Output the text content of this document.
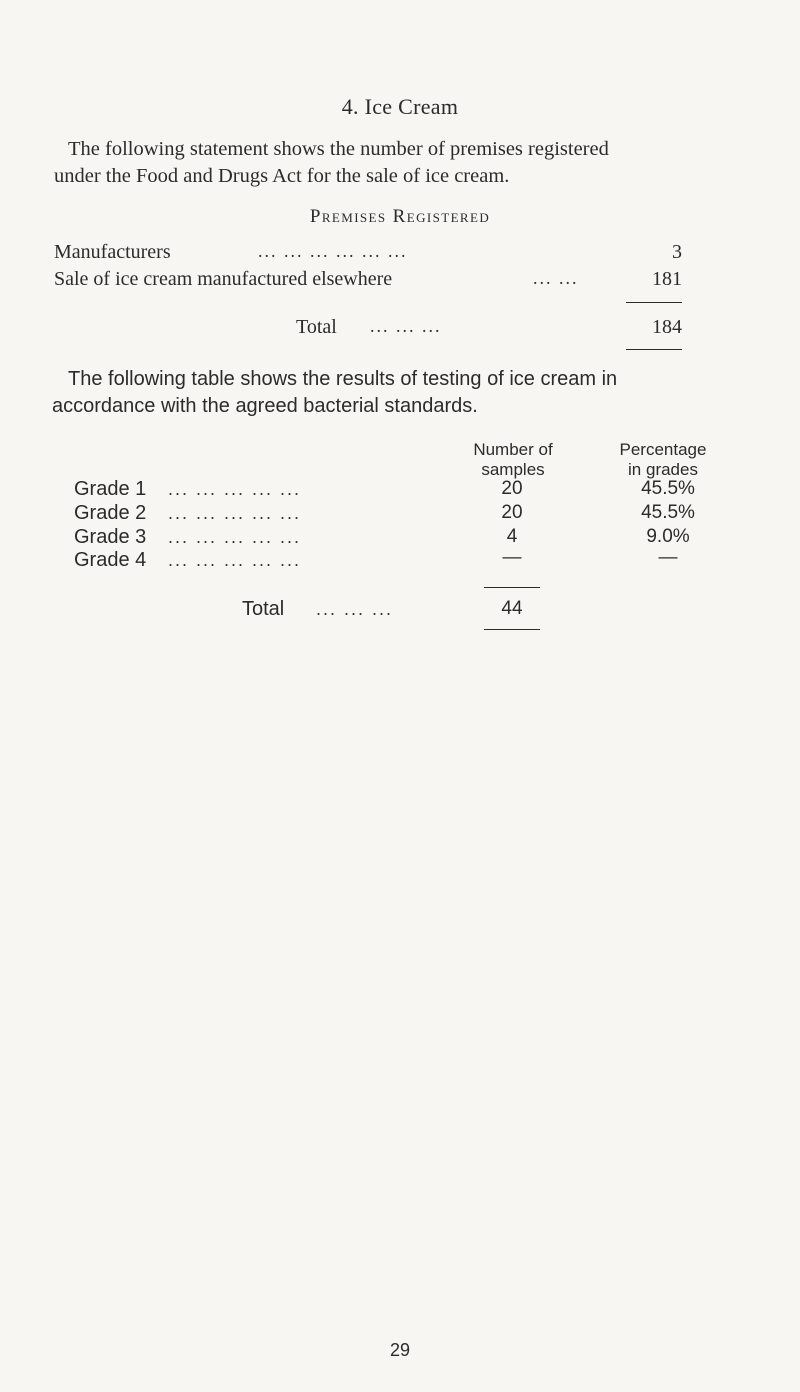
4. Ice Cream
The following statement shows the number of premises registered
under the Food and Drugs Act for the sale of ice cream.
Premises Registered
Manufacturers	... ... ... ... ... ...	3
Sale of ice cream manufactured elsewhere	... ...	181
Total ... ... ...	184
The following table shows the results of testing of ice cream in
accordance with the agreed bacterial standards.
Number of
samples
Percentage
in grades
Grade 1 ... ... ... ... ...	20	45.5%
Grade 2 ... ... ... ... ...	20	45.5%
Grade 3 ... ... ... ... ...	4	9.0%
Grade 4 ... ... ... ... ...	—	—
Total ... ... ...	44
29
